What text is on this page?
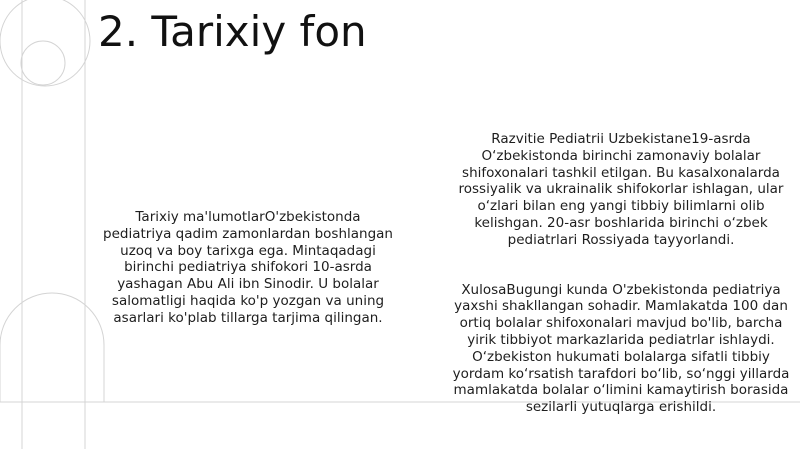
2. Tarixiy fon

Tarixiy ma'lumotlarO'zbekistonda pediatriya qadim zamonlardan boshlangan uzoq va boy tarixga ega. Mintaqadagi birinchi pediatriya shifokori 10-asrda yashagan Abu Ali ibn Sinodir. U bolalar salomatligi haqida ko'p yozgan va uning asarlari ko'plab tillarga tarjima qilingan.

Razvitie Pediatrii Uzbekistane19-asrda O‘zbekistonda birinchi zamonaviy bolalar shifoxonalari tashkil etilgan. Bu kasalxonalarda rossiyalik va ukrainalik shifokorlar ishlagan, ular o‘zlari bilan eng yangi tibbiy bilimlarni olib kelishgan. 20-asr boshlarida birinchi o‘zbek pediatrlari Rossiyada tayyorlandi.

XulosaBugungi kunda O'zbekistonda pediatriya yaxshi shakllangan sohadir. Mamlakatda 100 dan ortiq bolalar shifoxonalari mavjud bo'lib, barcha yirik tibbiyot markazlarida pediatrlar ishlaydi. O‘zbekiston hukumati bolalarga sifatli tibbiy yordam ko‘rsatish tarafdori bo‘lib, so‘nggi yillarda mamlakatda bolalar o‘limini kamaytirish borasida sezilarli yutuqlarga erishildi.
